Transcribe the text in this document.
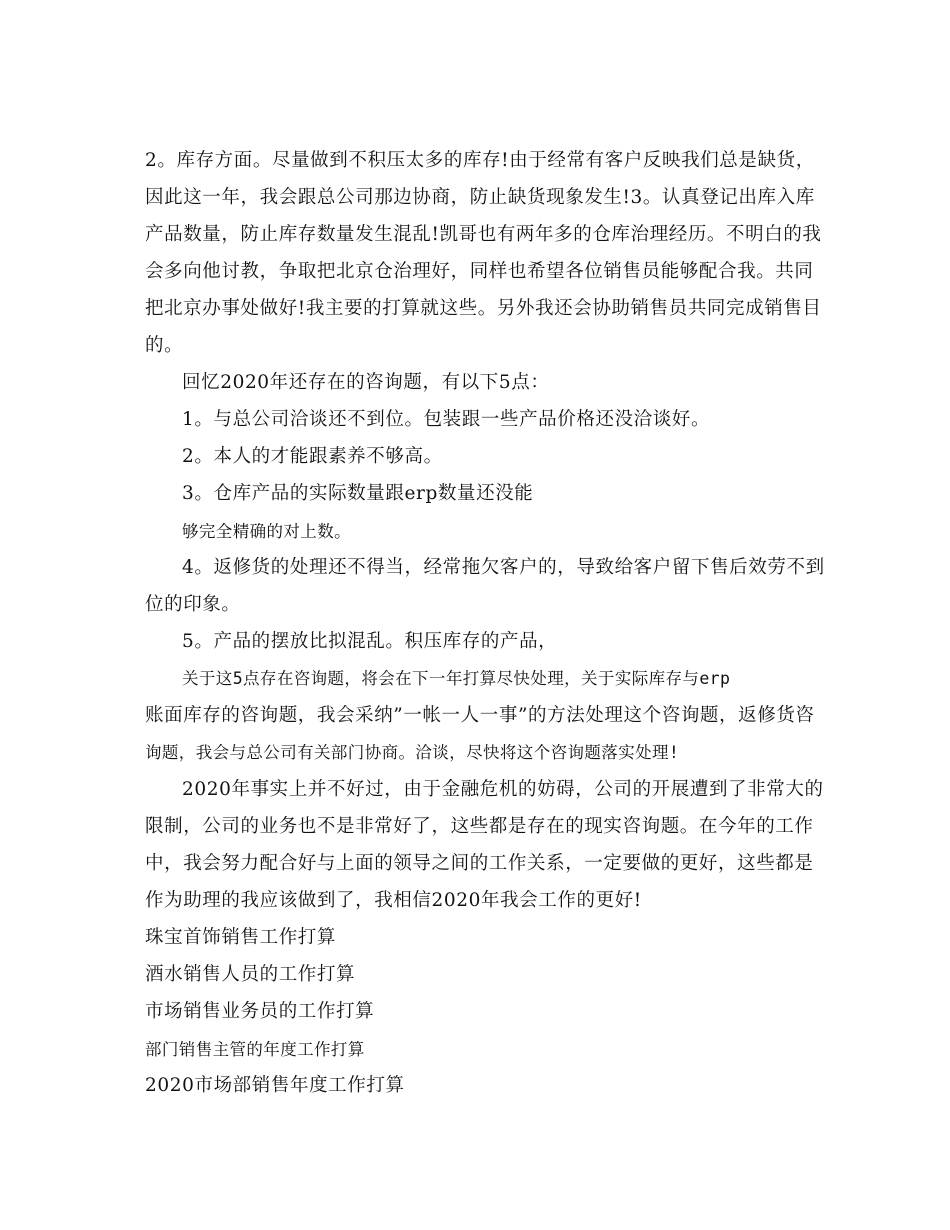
2。库存方面。尽量做到不积压太多的库存!由于经常有客户反映我们总是缺货，
因此这一年，我会跟总公司那边协商，防止缺货现象发生!3。认真登记出库入库
产品数量，防止库存数量发生混乱!凯哥也有两年多的仓库治理经历。不明白的我
会多向他讨教，争取把北京仓治理好，同样也希望各位销售员能够配合我。共同
把北京办事处做好!我主要的打算就这些。另外我还会协助销售员共同完成销售目
的。
回忆2020年还存在的咨询题，有以下5点：
1。与总公司洽谈还不到位。包装跟一些产品价格还没洽谈好。
2。本人的才能跟素养不够高。
3。仓库产品的实际数量跟erp数量还没能
够完全精确的对上数。
4。返修货的处理还不得当，经常拖欠客户的，导致给客户留下售后效劳不到
位的印象。
5。产品的摆放比拟混乱。积压库存的产品，
关于这5点存在咨询题，将会在下一年打算尽快处理，关于实际库存与erp
账面库存的咨询题，我会采纳”一帐一人一事”的方法处理这个咨询题，返修货咨
询题，我会与总公司有关部门协商。洽谈，尽快将这个咨询题落实处理!
2020年事实上并不好过，由于金融危机的妨碍，公司的开展遭到了非常大的
限制，公司的业务也不是非常好了，这些都是存在的现实咨询题。在今年的工作
中，我会努力配合好与上面的领导之间的工作关系，一定要做的更好，这些都是
作为助理的我应该做到了，我相信2020年我会工作的更好!
珠宝首饰销售工作打算
酒水销售人员的工作打算
市场销售业务员的工作打算
部门销售主管的年度工作打算
2020市场部销售年度工作打算
